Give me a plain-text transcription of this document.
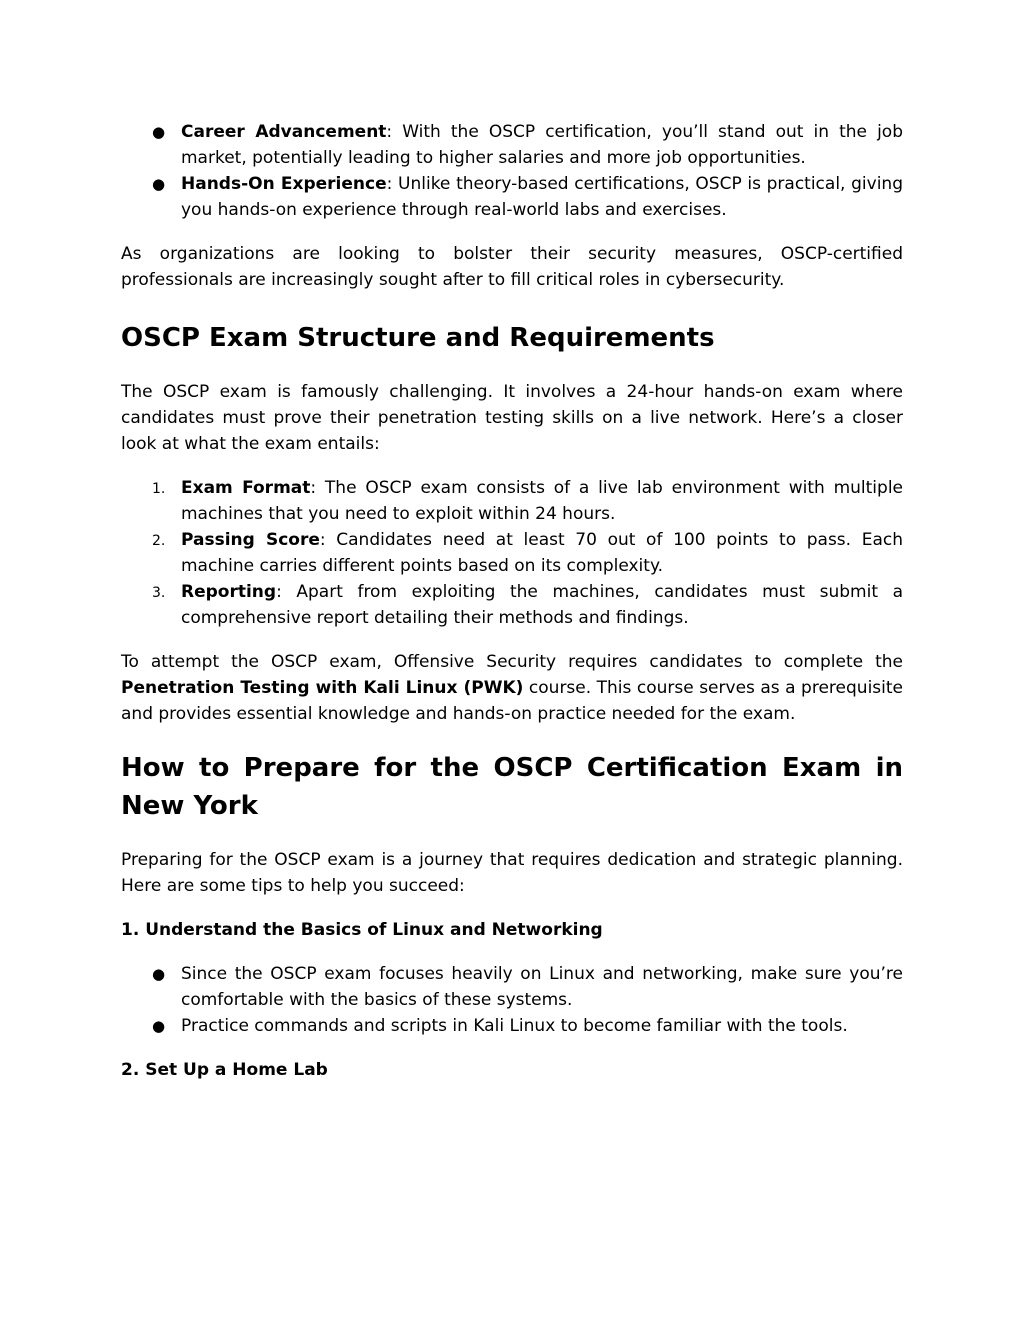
● Career Advancement: With the OSCP certification, you’ll stand out in the job market, potentially leading to higher salaries and more job opportunities.
● Hands-On Experience: Unlike theory-based certifications, OSCP is practical, giving you hands-on experience through real-world labs and exercises.

As organizations are looking to bolster their security measures, OSCP-certified professionals are increasingly sought after to fill critical roles in cybersecurity.

OSCP Exam Structure and Requirements

The OSCP exam is famously challenging. It involves a 24-hour hands-on exam where candidates must prove their penetration testing skills on a live network. Here’s a closer look at what the exam entails:

1. Exam Format: The OSCP exam consists of a live lab environment with multiple machines that you need to exploit within 24 hours.
2. Passing Score: Candidates need at least 70 out of 100 points to pass. Each machine carries different points based on its complexity.
3. Reporting: Apart from exploiting the machines, candidates must submit a comprehensive report detailing their methods and findings.

To attempt the OSCP exam, Offensive Security requires candidates to complete the Penetration Testing with Kali Linux (PWK) course. This course serves as a prerequisite and provides essential knowledge and hands-on practice needed for the exam.

How to Prepare for the OSCP Certification Exam in New York

Preparing for the OSCP exam is a journey that requires dedication and strategic planning. Here are some tips to help you succeed:

1. Understand the Basics of Linux and Networking
● Since the OSCP exam focuses heavily on Linux and networking, make sure you’re comfortable with the basics of these systems.
● Practice commands and scripts in Kali Linux to become familiar with the tools.
2. Set Up a Home Lab
